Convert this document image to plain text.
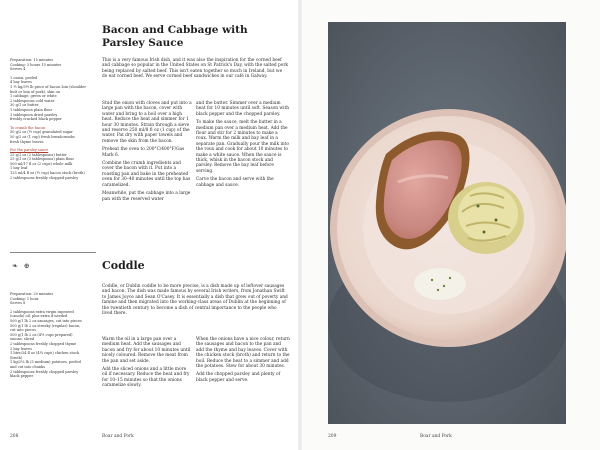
Bacon and Cabbage with Parsley Sauce
Preparation: 15 minutes
Cooking: 3 hours 15 minutes
Serves 4
1 onion, peeled
4 bay leaves
1 ½ kg/3½ lb piece of bacon loin (shoulder
butt or loin of pork), skin on
1 cabbage, green or white
2 tablespoons cold water
30 g/1 oz butter
1 tablespoon plain flour
1 tablespoon dried parsley
freshly cracked black pepper
To crumb the bacon
50 g/2 oz (½ cup) granulated sugar
50 g/2 oz (1 cup) fresh breadcrumbs
fresh thyme leaves
For the parsley sauce
25 g/1 oz (2 tablespoons) butter
25 g/1 oz (3 tablespoons) plain flour
500 ml/17 fl oz (2 cups) whole milk
1 bay leaf
125 ml/4 fl oz (½ cup) bacon stock (broth)
2 tablespoons freshly chopped parsley
This is a very famous Irish dish, and it was also the inspiration for the corned beef and cabbage so popular in the United States on St Patrick's Day, with the salted pork being replaced by salted beef. This isn't eaten together so much in Ireland, but we do eat corned beef. We serve corned beef sandwiches in our café in Galway.

Stud the onion with cloves and put into a large pan with the bacon, cover with water and bring to a boil over a high heat. Reduce the heat and simmer for 1 hour 30 minutes. Strain through a sieve and reserve 250 ml/8 fl oz (1 cup) of the water. Pat dry with paper towels and remove the skin from the bacon.

Preheat the oven to 200°C/400°F/Gas Mark 6.

Combine the crumb ingredients and cover the bacon with it. Put into a roasting pan and bake in the preheated oven for 30–40 minutes until the top has caramelized.

Meanwhile, put the cabbage into a large pan with the reserved water

and the butter. Simmer over a medium heat for 10 minutes until soft. Season with black pepper and the chopped parsley.

To make the sauce, melt the butter in a medium pan over a medium heat. Add the flour and stir for 2 minutes to make a roux. Warm the milk and bay leaf in a separate pan. Gradually pour the milk into the roux and cook for about 10 minutes to make a white sauce. When the sauce is thick, whisk in the bacon stock and parsley. Remove the bay leaf before serving.

Carve the bacon and serve with the cabbage and sauce.

❧ ⊕	Coddle
Preparation: 20 minutes
Cooking: 1 hour
Serves 8
2 tablespoons extra virgin rapeseed
(canola) oil, plus extra if needed
500 g/1 lb 2 oz sausages, cut into pieces
500 g/1 lb 2 oz streaky (regular) bacon,
cut into pieces
500 g/1 lb 2 oz (4½ cups prepared)
onions, sliced
2 tablespoons freshly chopped thyme
2 bay leaves
1 litre/34 fl oz (4¼ cups) chicken stock
(broth)
1 kg/2¼ lb (5 medium) potatoes, peeled
and cut into chunks
2 tablespoons freshly chopped parsley
black pepper
Coddle, or Dublin coddle to be more precise, is a dish made up of leftover sausages and bacon. The dish was made famous by several Irish writers, from Jonathan Swift to James Joyce and Sean O'Casey. It is essentially a dish that grew out of poverty and famine and then migrated into the working-class areas of Dublin at the beginning of the twentieth century to become a dish of central importance to the people who lived there.

Warm the oil in a large pan over a medium heat. Add the sausages and bacon and fry for about 10 minutes until nicely coloured. Remove the meat from the pan and set aside.

Add the sliced onions and a little more oil if necessary. Reduce the heat and fry for 10–15 minutes so that the onions caramelize slowly.

When the onions have a nice colour, return the sausages and bacon to the pan and add the thyme and bay leaves. Cover with the chicken stock (broth) and return to the boil. Reduce the heat to a simmer and add the potatoes. Stew for about 30 minutes.

Add the chopped parsley and plenty of black pepper and serve.

208	Boar and Pork	209	Boar and Pork
